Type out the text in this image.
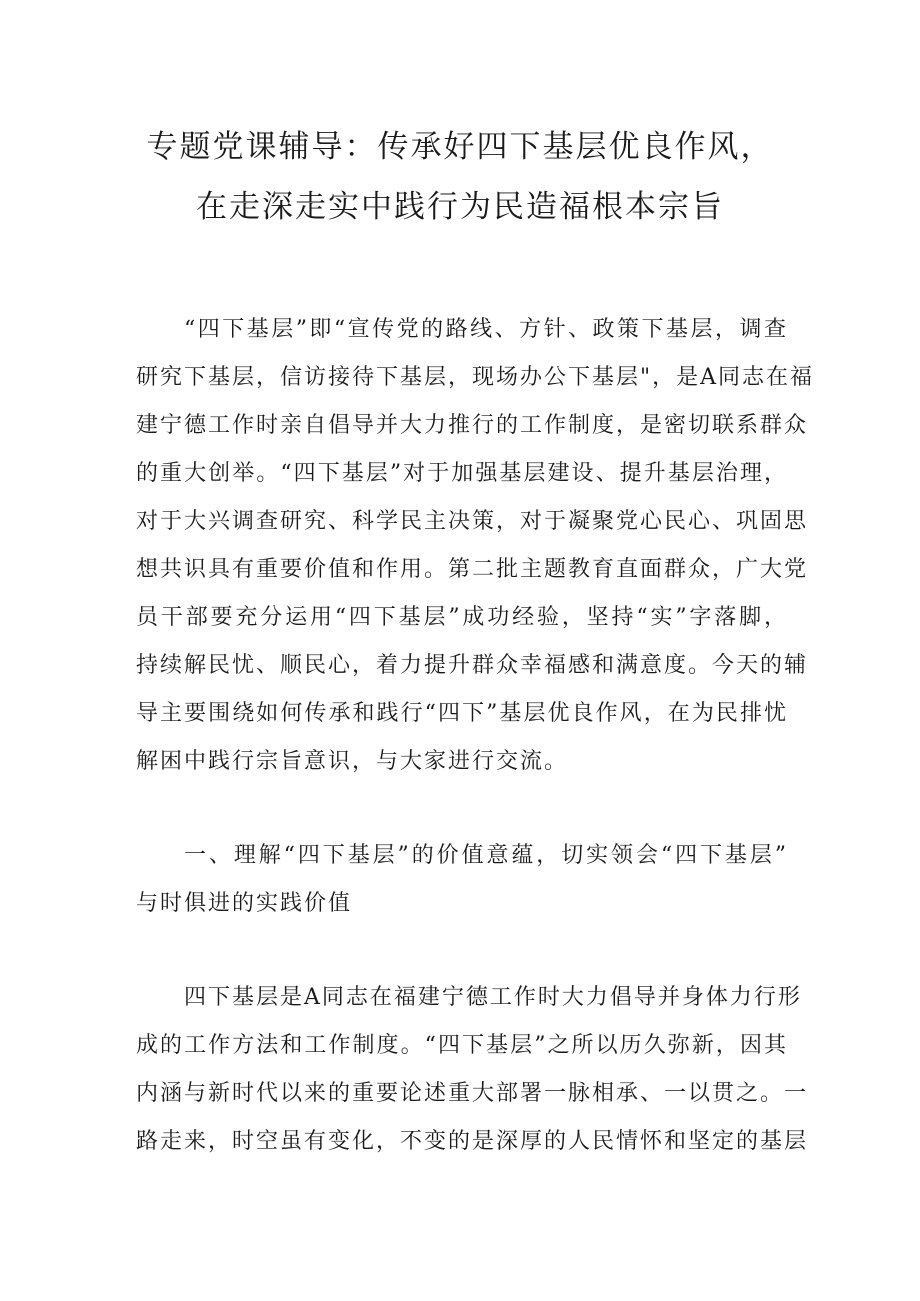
专题党课辅导：传承好四下基层优良作风，
在走深走实中践行为民造福根本宗旨

“四下基层”即“宣传党的路线、方针、政策下基层，调查

研究下基层，信访接待下基层，现场办公下基层"，是A同志在福

建宁德工作时亲自倡导并大力推行的工作制度，是密切联系群众

的重大创举。“四下基层”对于加强基层建设、提升基层治理，

对于大兴调查研究、科学民主决策，对于凝聚党心民心、巩固思

想共识具有重要价值和作用。第二批主题教育直面群众，广大党

员干部要充分运用“四下基层”成功经验，坚持“实”字落脚，

持续解民忧、顺民心，着力提升群众幸福感和满意度。今天的辅

导主要围绕如何传承和践行“四下”基层优良作风，在为民排忧

解困中践行宗旨意识，与大家进行交流。

一、理解“四下基层”的价值意蕴，切实领会“四下基层”

与时俱进的实践价值

四下基层是A同志在福建宁德工作时大力倡导并身体力行形

成的工作方法和工作制度。“四下基层”之所以历久弥新，因其

内涵与新时代以来的重要论述重大部署一脉相承、一以贯之。一

路走来，时空虽有变化，不变的是深厚的人民情怀和坚定的基层
